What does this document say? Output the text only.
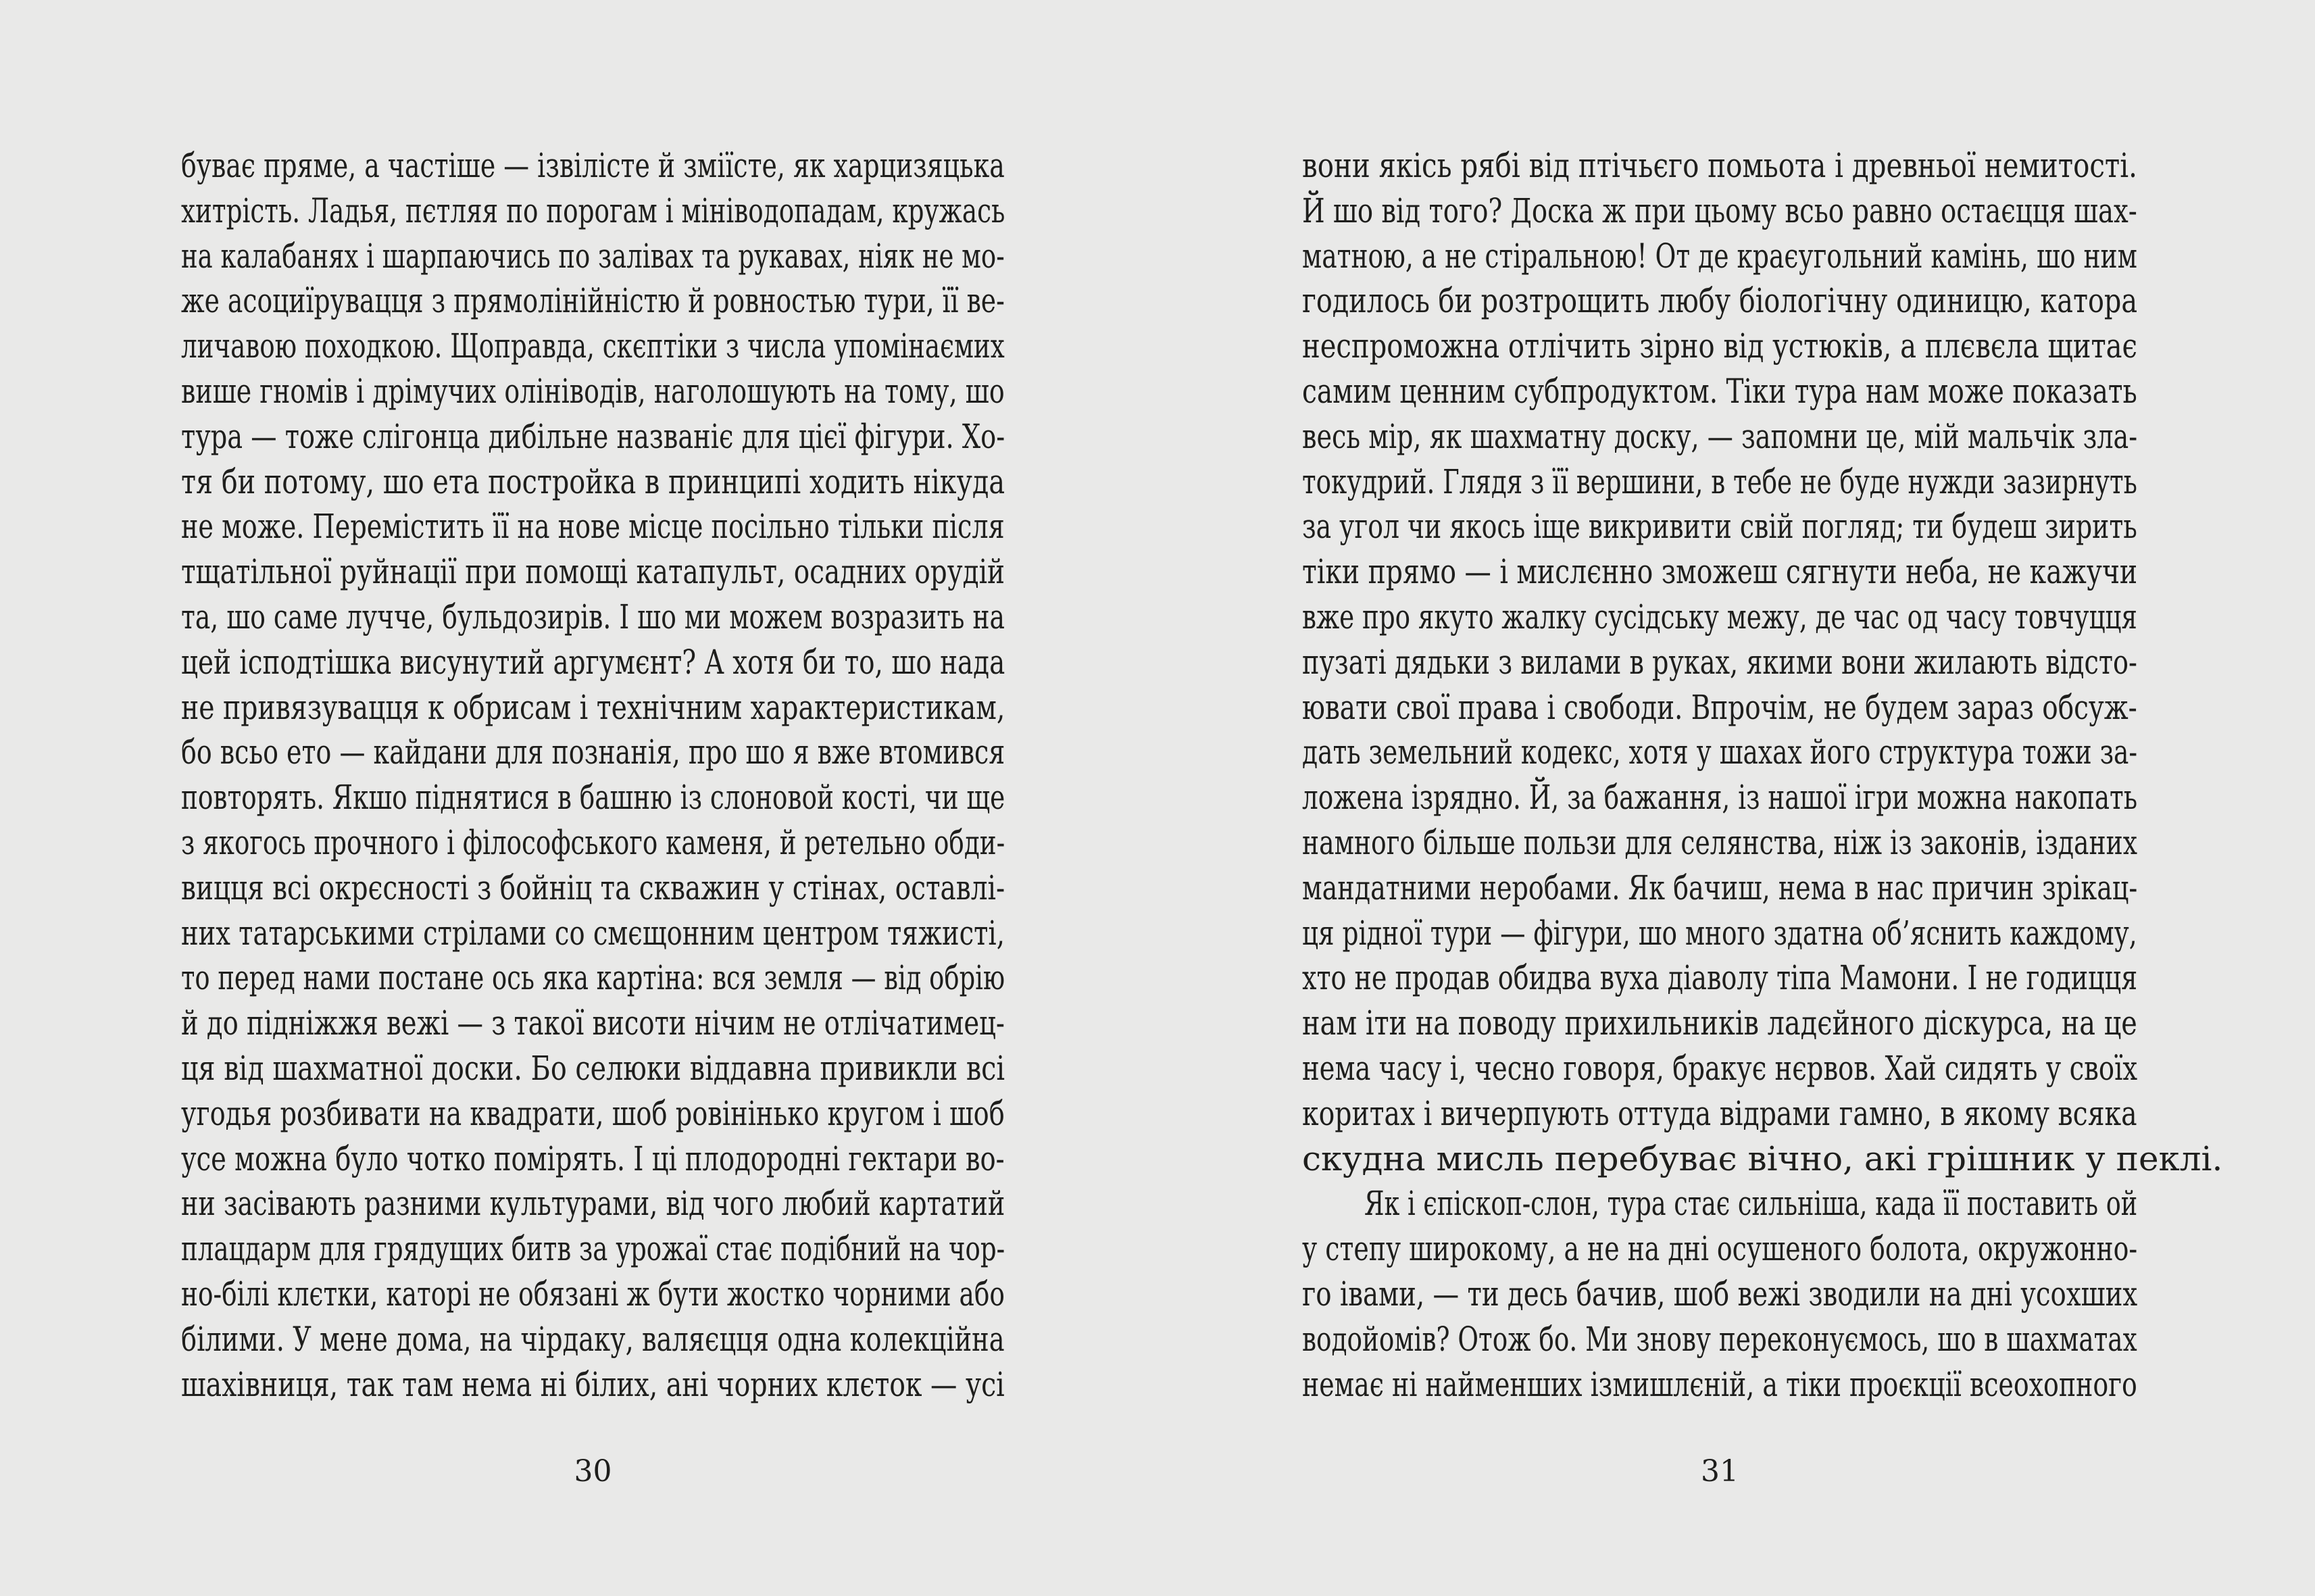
буває пряме, а частіше — ізвілісте й зміїсте, як харцизяцька
хитрість. Ладья, пєтляя по порогам і мініводопадам, кружась
на калабанях і шарпаючись по залівах та рукавах, ніяк не мо-
же асоциїрувацця з прямолінійністю й ровностью тури, її ве-
личавою походкою. Щоправда, скєптіки з числа упомінаємих
више гномів і дрімучих олініводів, наголошують на тому, шо
тура — тоже слігонца дибільне названіє для цієї фігури. Хо-
тя би потому, шо ета постройка в принципі ходить нікуда
не може. Перемістить її на нове місце посільно тільки після
тщатільної руйнації при помощі катапульт, осадних орудій
та, шо саме лучче, бульдозирів. І шо ми можем возразить на
цей ісподтішка висунутий аргумєнт? А хотя би то, шо нада
не привязувацця к обрисам і технічним характеристикам,
бо всьо ето — кайдани для познанія, про шо я вже втомився
повторять. Якшо піднятися в башню із слоновой кості, чи ще
з якогось прочного і філософського каменя, й ретельно обди-
вицця всі окрєсності з бойніц та скважин у стінах, оставлі-
них татарськими стрілами со смєщонним центром тяжисті,
то перед нами постане ось яка картіна: вся земля — від обрію
й до підніжжя вежі — з такої висоти нічим не отлічатимец-
ця від шахматної доски. Бо селюки віддавна привикли всі
угодья розбивати на квадрати, шоб ровінінько кругом і шоб
усе можна було чотко помірять. І ці плодородні гектари во-
ни засівають разними культурами, від чого любий картатий
плацдарм для грядущих битв за урожаї стає подібний на чор-
но-білі клєтки, каторі не обязані ж бути жостко чорними або
білими. У мене дома, на чірдаку, валяєцця одна колекційна
шахівниця, так там нема ні білих, ані чорних клєток — усі
30
вони якісь рябі від птічьєго помьота і древньої немитості.
Й шо від того? Доска ж при цьому всьо равно остаєцця шах-
матною, а не стіральною! От де краєугольний камінь, шо ним
годилось би розтрощить любу біологічну одиницю, катора
неспроможна отлічить зірно від устюків, а плєвєла щитає
самим ценним субпродуктом. Тіки тура нам може показать
весь мір, як шахматну доску, — запомни це, мій мальчік зла-
токудрий. Глядя з її вершини, в тебе не буде нужди зазирнуть
за угол чи якось іще викривити свій погляд; ти будеш зирить
тіки прямо — і мислєнно зможеш сягнути неба, не кажучи
вже про якуто жалку сусідську межу, де час од часу товчуцця
пузаті дядьки з вилами в руках, якими вони жилають відсто-
ювати свої права і свободи. Впрочім, не будем зараз обсуж-
дать земельний кодекс, хотя у шахах його структура тожи за-
ложена ізрядно. Й, за бажання, із нашої ігри можна накопать
намного більше пользи для селянства, ніж із законів, ізданих
мандатними неробами. Як бачиш, нема в нас причин зрікац-
ця рідної тури — фігури, шо много здатна об’яснить каждому,
хто не продав обидва вуха діаволу тіпа Мамони. І не годицця
нам іти на поводу прихильників ладєйного діскурса, на це
нема часу і, чесно говоря, бракує нєрвов. Хай сидять у своїх
коритах і вичерпують оттуда відрами гамно, в якому всяка
скудна мисль перебуває вічно, акі грішник у пеклі.
Як і єпіскоп-слон, тура стає сильніша, када її поставить ой
у степу широкому, а не на дні осушеного болота, окружонно-
го івами, — ти десь бачив, шоб вежі зводили на дні усохших
водойомів? Отож бо. Ми знову переконуємось, шо в шахматах
немає ні найменших ізмишлєній, а тіки проєкції всеохопного
31
